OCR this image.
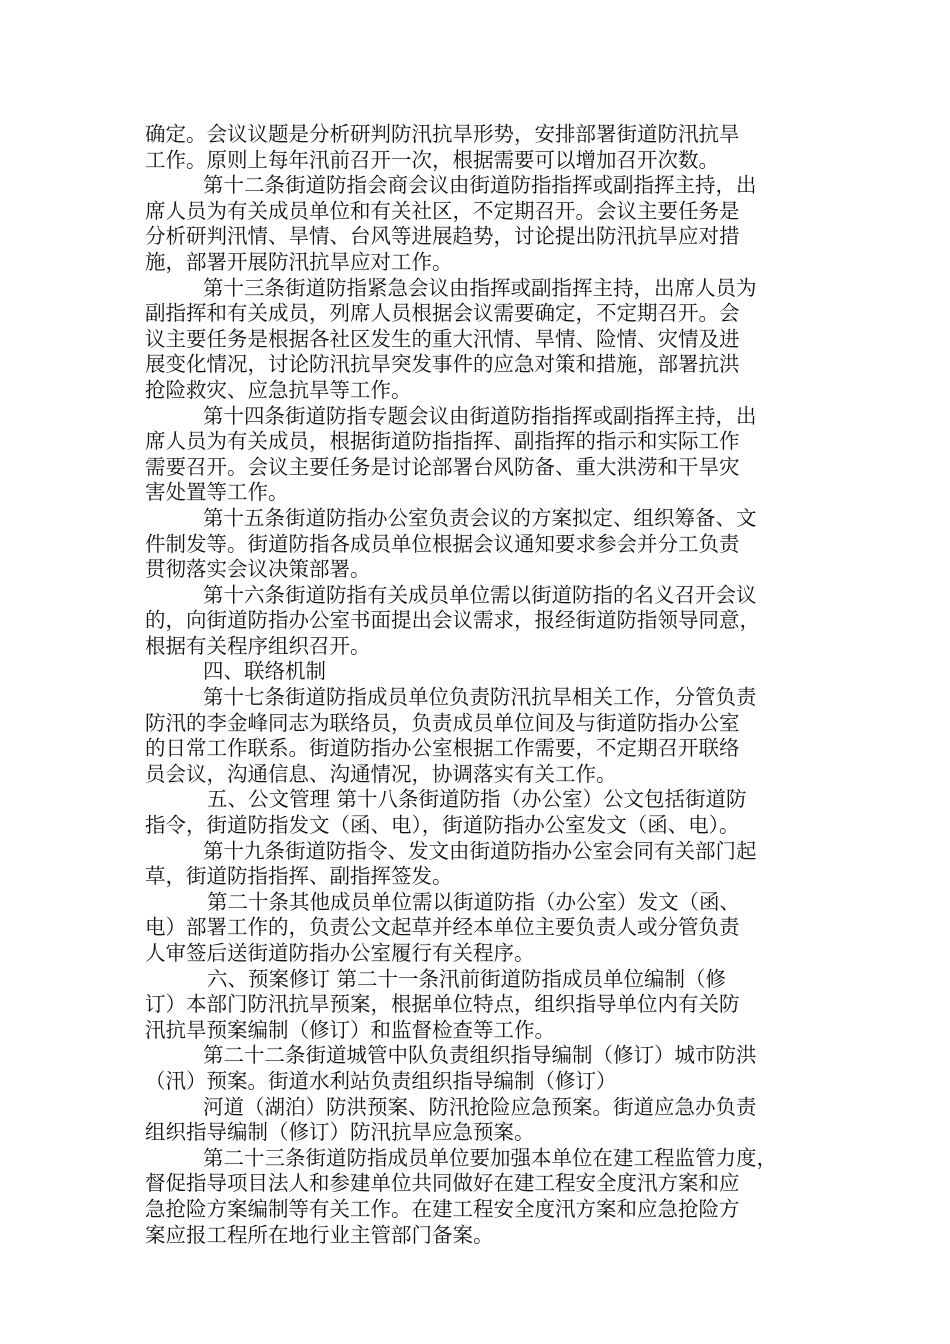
确定。会议议题是分析研判防汛抗旱形势，安排部署街道防汛抗旱
工作。原则上每年汛前召开一次，根据需要可以增加召开次数。
第十二条街道防指会商会议由街道防指指挥或副指挥主持，出
席人员为有关成员单位和有关社区，不定期召开。会议主要任务是
分析研判汛情、旱情、台风等进展趋势，讨论提出防汛抗旱应对措
施，部署开展防汛抗旱应对工作。
第十三条街道防指紧急会议由指挥或副指挥主持，出席人员为
副指挥和有关成员，列席人员根据会议需要确定，不定期召开。会
议主要任务是根据各社区发生的重大汛情、旱情、险情、灾情及进
展变化情况，讨论防汛抗旱突发事件的应急对策和措施，部署抗洪
抢险救灾、应急抗旱等工作。
第十四条街道防指专题会议由街道防指指挥或副指挥主持，出
席人员为有关成员，根据街道防指指挥、副指挥的指示和实际工作
需要召开。会议主要任务是讨论部署台风防备、重大洪涝和干旱灾
害处置等工作。
第十五条街道防指办公室负责会议的方案拟定、组织筹备、文
件制发等。街道防指各成员单位根据会议通知要求参会并分工负责
贯彻落实会议决策部署。
第十六条街道防指有关成员单位需以街道防指的名义召开会议
的，向街道防指办公室书面提出会议需求，报经街道防指领导同意，
根据有关程序组织召开。
四、联络机制
第十七条街道防指成员单位负责防汛抗旱相关工作，分管负责
防汛的李金峰同志为联络员，负责成员单位间及与街道防指办公室
的日常工作联系。街道防指办公室根据工作需要，不定期召开联络
员会议，沟通信息、沟通情况，协调落实有关工作。
五、公文管理 第十八条街道防指（办公室）公文包括街道防
指令，街道防指发文（函、电），街道防指办公室发文（函、电）。
第十九条街道防指令、发文由街道防指办公室会同有关部门起
草，街道防指指挥、副指挥签发。
第二十条其他成员单位需以街道防指（办公室）发文（函、
电）部署工作的，负责公文起草并经本单位主要负责人或分管负责
人审签后送街道防指办公室履行有关程序。
六、预案修订 第二十一条汛前街道防指成员单位编制（修
订）本部门防汛抗旱预案，根据单位特点，组织指导单位内有关防
汛抗旱预案编制（修订）和监督检查等工作。
第二十二条街道城管中队负责组织指导编制（修订）城市防洪
（汛）预案。街道水利站负责组织指导编制（修订）
河道（湖泊）防洪预案、防汛抢险应急预案。街道应急办负责
组织指导编制（修订）防汛抗旱应急预案。
第二十三条街道防指成员单位要加强本单位在建工程监管力度，
督促指导项目法人和参建单位共同做好在建工程安全度汛方案和应
急抢险方案编制等有关工作。在建工程安全度汛方案和应急抢险方
案应报工程所在地行业主管部门备案。
